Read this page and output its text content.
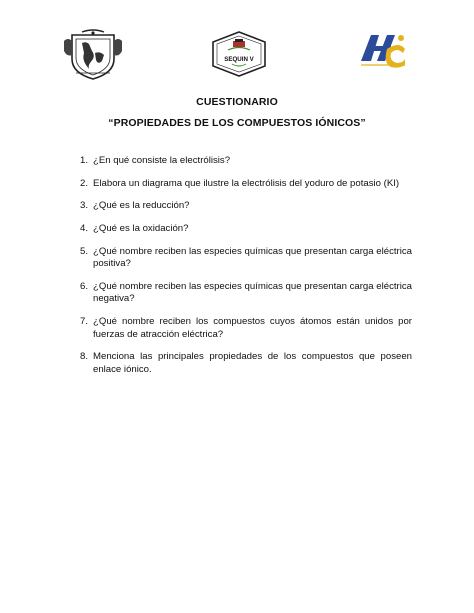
SEQUIN V
CUESTIONARIO
“PROPIEDADES DE LOS COMPUESTOS IÓNICOS”
1. ¿En qué consiste la electrólisis?
2. Elabora un diagrama que ilustre la electrólisis del yoduro de potasio (KI)
3. ¿Qué es la reducción?
4. ¿Qué es la oxidación?
5. ¿Qué nombre reciben las especies químicas que presentan carga eléctrica positiva?
6. ¿Qué nombre reciben las especies químicas que presentan carga eléctrica negativa?
7. ¿Qué nombre reciben los compuestos cuyos átomos están unidos por fuerzas de atracción eléctrica?
8. Menciona las principales propiedades de los compuestos que poseen enlace iónico.
